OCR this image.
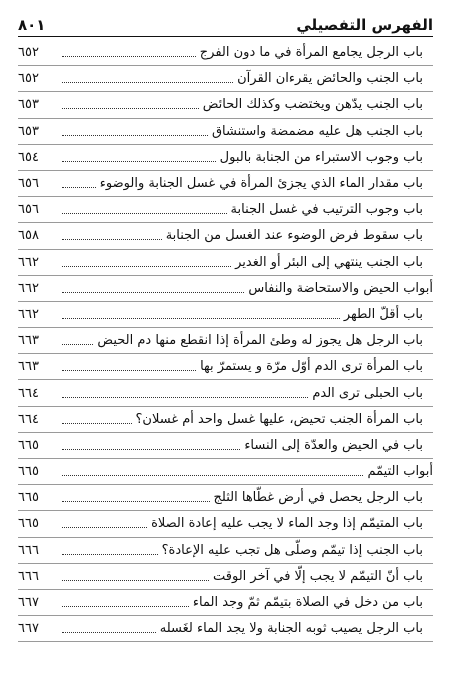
الفهرس التفصيلي
٨٠١
باب الرجل يجامع المرأة في ما دون الفرج
٦٥٢
باب الجنب والحائض يقرءان القرآن
٦٥٢
باب الجنب يدّهن ويختضب وكذلك الحائض
٦٥٣
باب الجنب هل عليه مضمضة واستنشاق
٦٥٣
باب وجوب الاستبراء من الجنابة بالبول
٦٥٤
باب مقدار الماء الذي يجزئ المرأة في غسل الجنابة والوضوء
٦٥٦
باب وجوب الترتيب في غسل الجنابة
٦٥٦
باب سقوط فرض الوضوء عند الغسل من الجنابة
٦٥٨
باب الجنب ينتهي إلى البئر أو الغدير
٦٦٢
أبواب الحيض والاستحاضة والنفاس
٦٦٢
باب أقلّ الطهر
٦٦٢
باب الرجل هل يجوز له وطئ المرأة إذا انقطع منها دم الحيض
٦٦٣
باب المرأة ترى الدم أوّل مرّة و يستمرّ بها
٦٦٣
باب الحبلى ترى الدم
٦٦٤
باب المرأة الجنب تحيض، عليها غسل واحد أم غسلان؟
٦٦٤
باب في الحيض والعدّة إلى النساء
٦٦٥
أبواب التيمّم
٦٦٥
باب الرجل يحصل في أرض غطّاها الثلج
٦٦٥
باب المتيمّم إذا وجد الماء لا يجب عليه إعادة الصلاة
٦٦٥
باب الجنب إذا تيمّم وصلّى هل تجب عليه الإعادة؟
٦٦٦
باب أنّ التيمّم لا يجب إلّا في آخر الوقت
٦٦٦
باب من دخل في الصلاة بتيمّم ثمّ وجد الماء
٦٦٧
باب الرجل يصيب ثوبه الجنابة ولا يجد الماء لغَسله
٦٦٧
